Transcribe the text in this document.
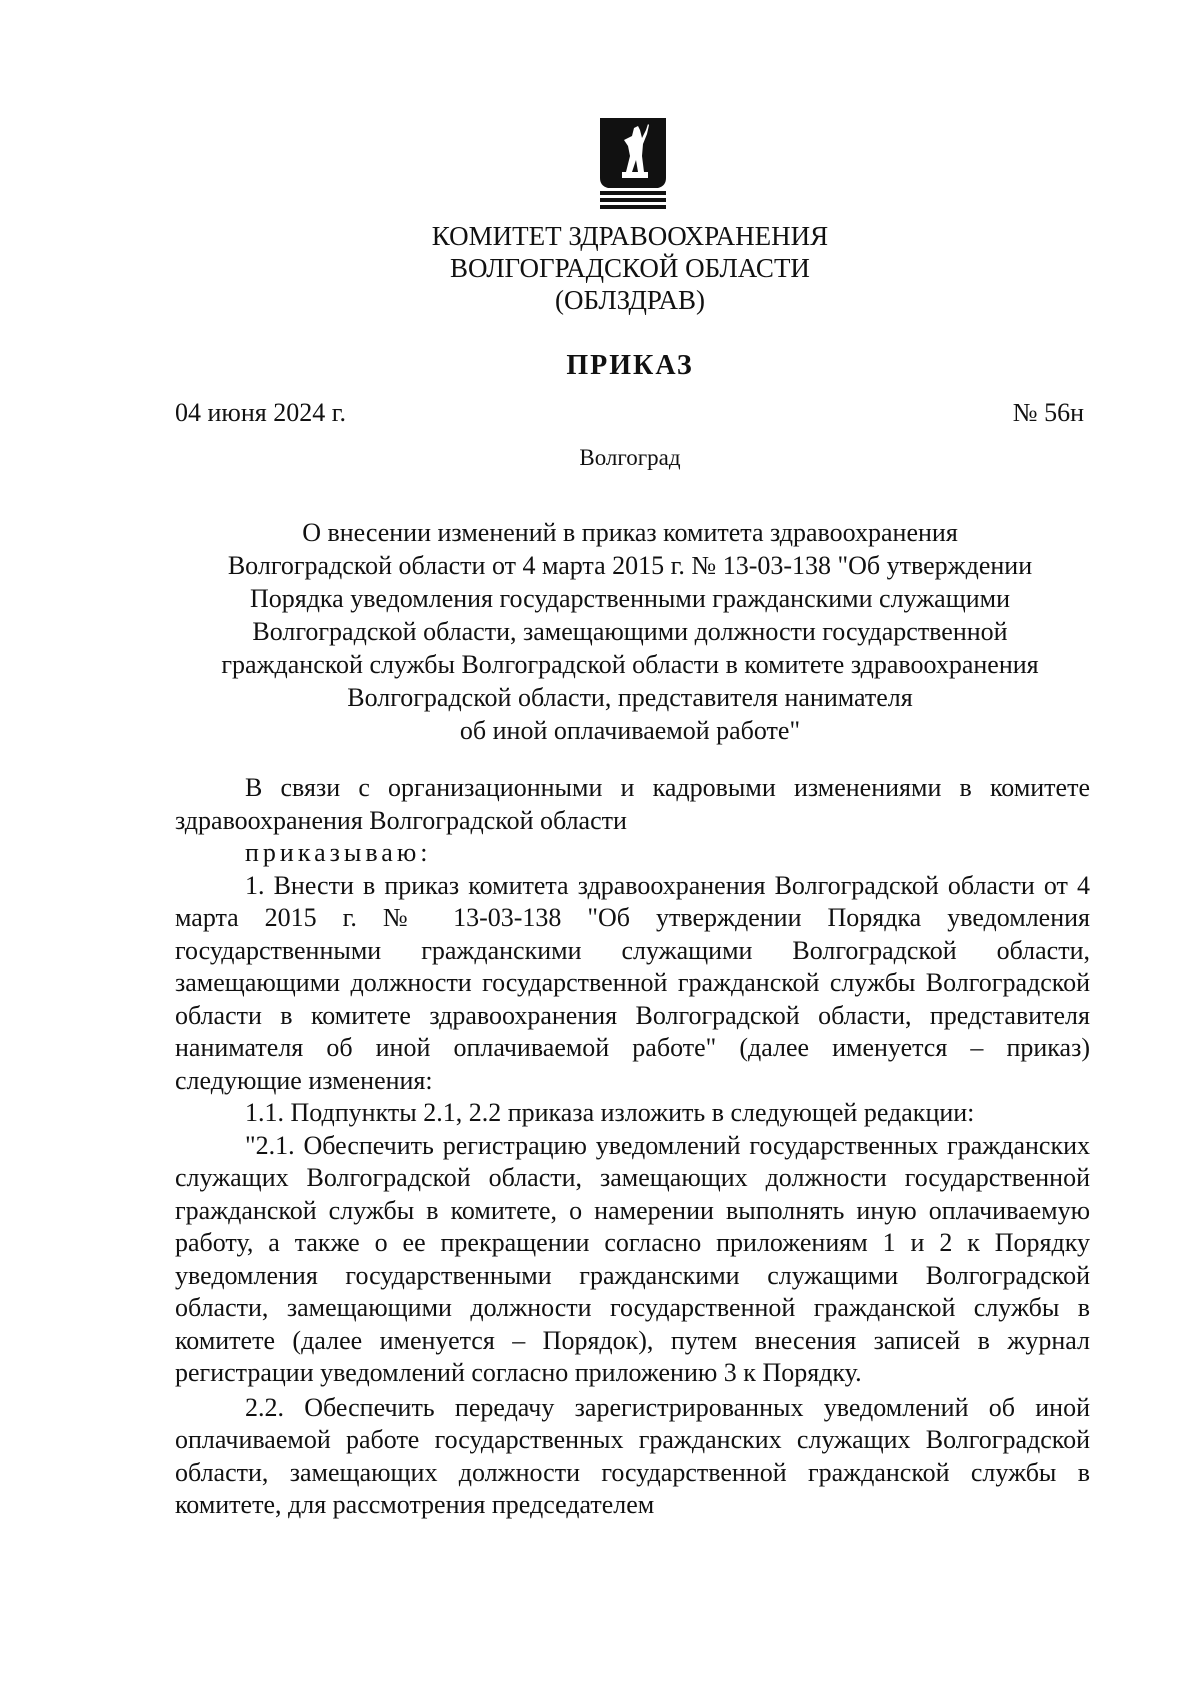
КОМИТЕТ ЗДРАВООХРАНЕНИЯ
ВОЛГОГРАДСКОЙ ОБЛАСТИ
(ОБЛЗДРАВ)
ПРИКАЗ
04 июня 2024 г.	№ 56н
Волгоград
О внесении изменений в приказ комитета здравоохранения
Волгоградской области от 4 марта 2015 г. № 13-03-138 "Об утверждении
Порядка уведомления государственными гражданскими служащими
Волгоградской области, замещающими должности государственной
гражданской службы Волгоградской области в комитете здравоохранения
Волгоградской области, представителя нанимателя
об иной оплачиваемой работе"

В связи с организационными и кадровыми изменениями в комитете здравоохранения Волгоградской области

приказываю:

1. Внести в приказ комитета здравоохранения Волгоградской области от 4 марта 2015 г. № 13-03-138 "Об утверждении Порядка уведомления государственными гражданскими служащими Волгоградской области, замещающими должности государственной гражданской службы Волгоградской области в комитете здравоохранения Волгоградской области, представителя нанимателя об иной оплачиваемой работе" (далее именуется – приказ) следующие изменения:

1.1. Подпункты 2.1, 2.2 приказа изложить в следующей редакции:

"2.1. Обеспечить регистрацию уведомлений государственных гражданских служащих Волгоградской области, замещающих должности государственной гражданской службы в комитете, о намерении выполнять иную оплачиваемую работу, а также о ее прекращении согласно приложениям 1 и 2 к Порядку уведомления государственными гражданскими служащими Волгоградской области, замещающими должности государственной гражданской службы в комитете (далее именуется – Порядок), путем внесения записей в журнал регистрации уведомлений согласно приложению 3 к Порядку.

2.2. Обеспечить передачу зарегистрированных уведомлений об иной оплачиваемой работе государственных гражданских служащих Волгоградской области, замещающих должности государственной гражданской службы в комитете, для рассмотрения председателем
